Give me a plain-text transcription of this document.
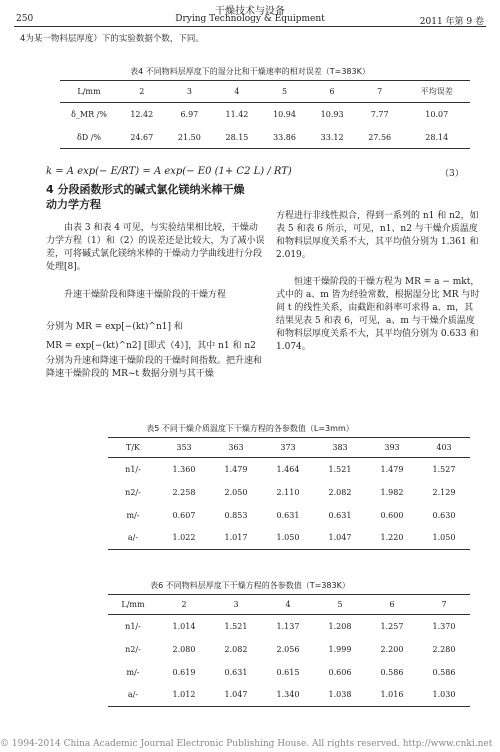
干燥技术与设备
250	Drying Technology & Equipment	2011 年第 9 卷
4为某一物料层厚度）下的实验数据个数，下同。
表4 不同物料层厚度下的湿分比和干燥速率的相对误差（T=383K）
L/mm	2	3	4	5	6	7	平均误差
δ_MR /%	12.42	6.97	11.42	10.94	10.93	7.77	10.07
δD /%	24.67	21.50	28.15	33.86	33.12	27.56	28.14
k = A exp(− E/RT) = A exp(− E0 (1+ C2 L) / RT)
4 分段函数形式的碱式氯化镁纳米棒干燥
动力学方程
由表 3 和表 4 可见，与实验结果相比较，干燥动力学方程（1）和（2）的误差还是比较大，为了减小误差，可将碱式氯化镁纳米棒的干燥动力学曲线进行分段处理[8]。
升速干燥阶段和降速干燥阶段的干燥方程
分别为 MR = exp[−(kt)^n1] 和
MR = exp[−(kt)^n2] [即式（4）]，其中 n1 和 n2
分别为升速和降速干燥阶段的干燥时间指数。把升速和降速干燥阶段的 MR~t 数据分别与其干燥
（3）
方程进行非线性拟合，得到一系列的 n1 和 n2，如表 5 和表 6 所示，可见，n1、n2 与干燥介质温度和物料层厚度关系不大，其平均值分别为 1.361 和 2.019。
恒速干燥阶段的干燥方程为 MR = a − mkt，式中的 a、m 皆为经验常数，根据湿分比 MR 与时间 t 的线性关系，由截距和斜率可求得 a、m，其结果见表 5 和表 6，可见，a、m 与干燥介质温度和物料层厚度关系不大，其平均值分别为 0.633 和 1.074。
表5 不同干燥介质温度下干燥方程的各参数值（L=3mm）
T/K	353	363	373	383	393	403
n1/-	1.360	1.479	1.464	1.521	1.479	1.527
n2/-	2.258	2.050	2.110	2.082	1.982	2.129
m/-	0.607	0.853	0.631	0.631	0.600	0.630
a/-	1.022	1.017	1.050	1.047	1.220	1.050
表6 不同物料层厚度下干燥方程的各参数值（T=383K）
L/mm	2	3	4	5	6	7
n1/-	1.014	1.521	1.137	1.208	1.257	1.370
n2/-	2.080	2.082	2.056	1.999	2.200	2.280
m/-	0.619	0.631	0.615	0.606	0.586	0.586
a/-	1.012	1.047	1.340	1.038	1.016	1.030
© 1994-2014 China Academic Journal Electronic Publishing House. All rights reserved. http://www.cnki.net
